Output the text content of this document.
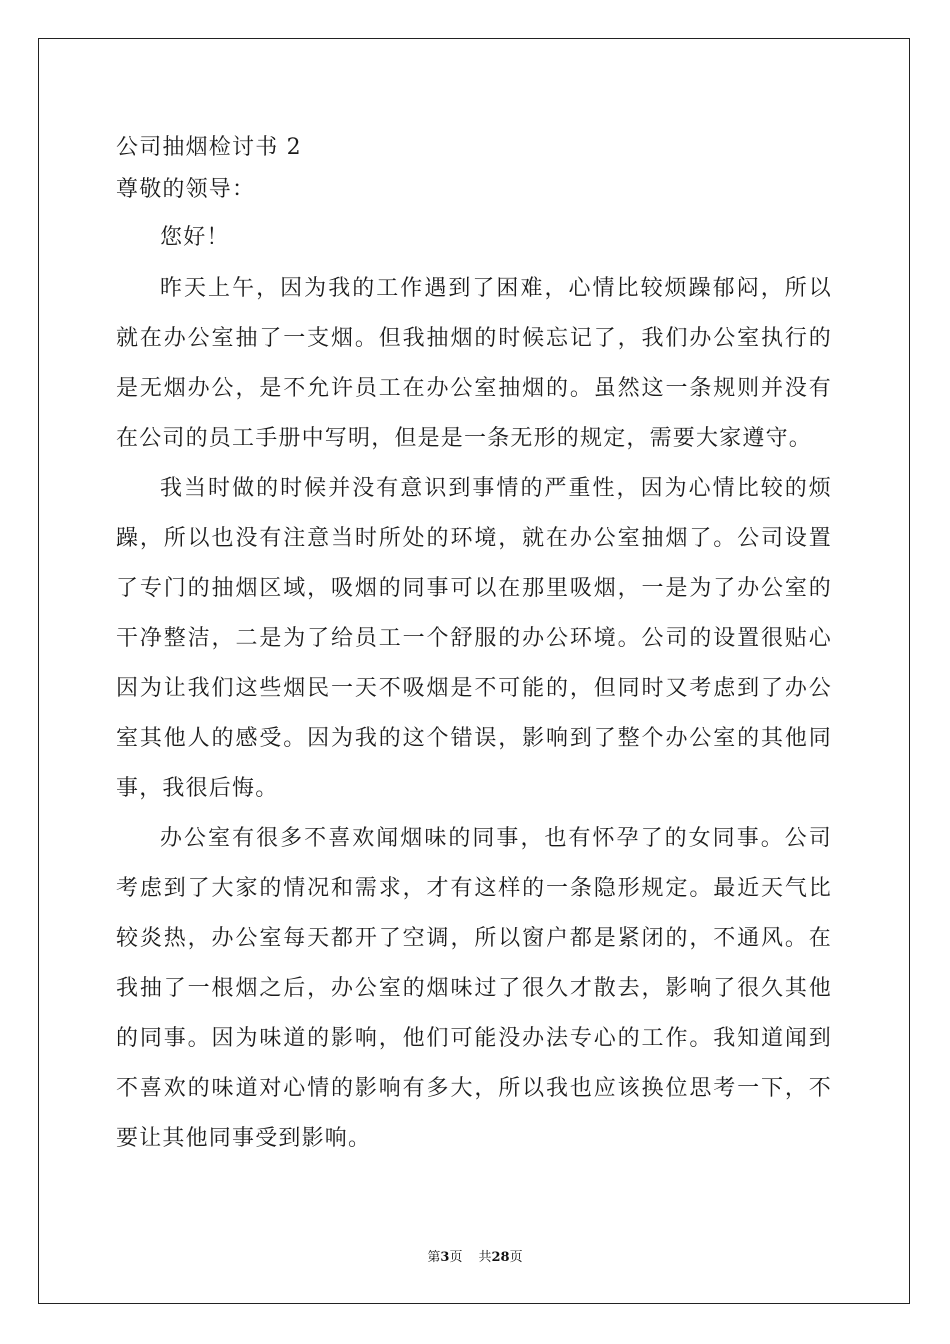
公司抽烟检讨书 2

尊敬的领导：

您好！

昨天上午，因为我的工作遇到了困难，心情比较烦躁郁闷，所以就在办公室抽了一支烟。但我抽烟的时候忘记了，我们办公室执行的是无烟办公，是不允许员工在办公室抽烟的。虽然这一条规则并没有在公司的员工手册中写明，但是是一条无形的规定，需要大家遵守。

我当时做的时候并没有意识到事情的严重性，因为心情比较的烦躁，所以也没有注意当时所处的环境，就在办公室抽烟了。公司设置了专门的抽烟区域，吸烟的同事可以在那里吸烟，一是为了办公室的干净整洁，二是为了给员工一个舒服的办公环境。公司的设置很贴心因为让我们这些烟民一天不吸烟是不可能的，但同时又考虑到了办公室其他人的感受。因为我的这个错误，影响到了整个办公室的其他同事，我很后悔。

办公室有很多不喜欢闻烟味的同事，也有怀孕了的女同事。公司考虑到了大家的情况和需求，才有这样的一条隐形规定。最近天气比较炎热，办公室每天都开了空调，所以窗户都是紧闭的，不通风。在我抽了一根烟之后，办公室的烟味过了很久才散去，影响了很久其他的同事。因为味道的影响，他们可能没办法专心的工作。我知道闻到不喜欢的味道对心情的影响有多大，所以我也应该换位思考一下，不要让其他同事受到影响。

第3页 共28页
